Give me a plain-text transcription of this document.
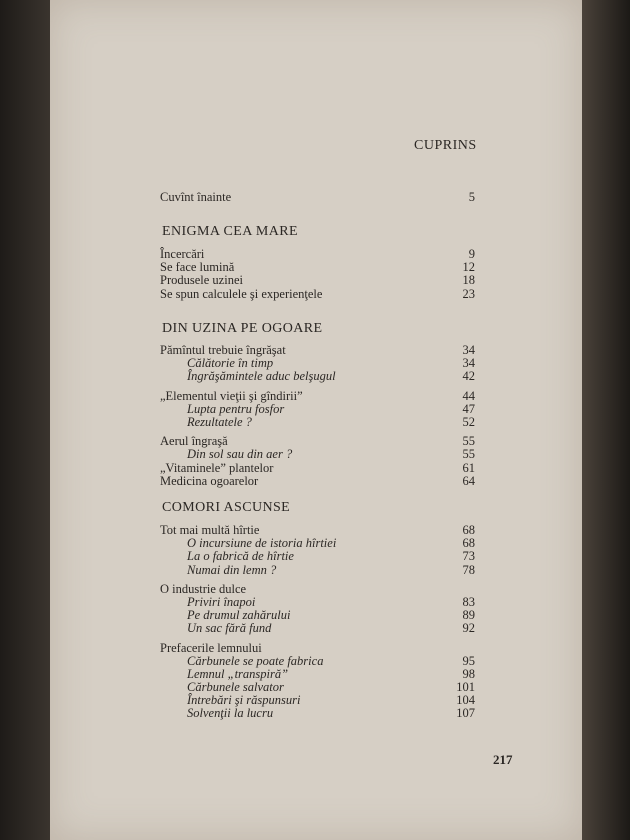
CUPRINS
Cuvînt înainte	5
ENIGMA CEA MARE
Încercări	9
Se face lumină	12
Produsele uzinei	18
Se spun calculele şi experienţele	23
DIN UZINA PE OGOARE
Pămîntul trebuie îngrăşat	34
Călătorie în timp	34
Îngrăşămintele aduc belşugul	42
„Elementul vieţii şi gîndirii”	44
Lupta pentru fosfor	47
Rezultatele ?	52
Aerul îngraşă	55
Din sol sau din aer ?	55
„Vitaminele” plantelor	61
Medicina ogoarelor	64
COMORI ASCUNSE
Tot mai multă hîrtie	68
O incursiune de istoria hîrtiei	68
La o fabrică de hîrtie	73
Numai din lemn ?	78
O industrie dulce
Priviri înapoi	83
Pe drumul zahărului	89
Un sac fără fund	92
Prefacerile lemnului
Cărbunele se poate fabrica	95
Lemnul „transpiră”	98
Cărbunele salvator	101
Întrebări şi răspunsuri	104
Solvenţii la lucru	107
217
